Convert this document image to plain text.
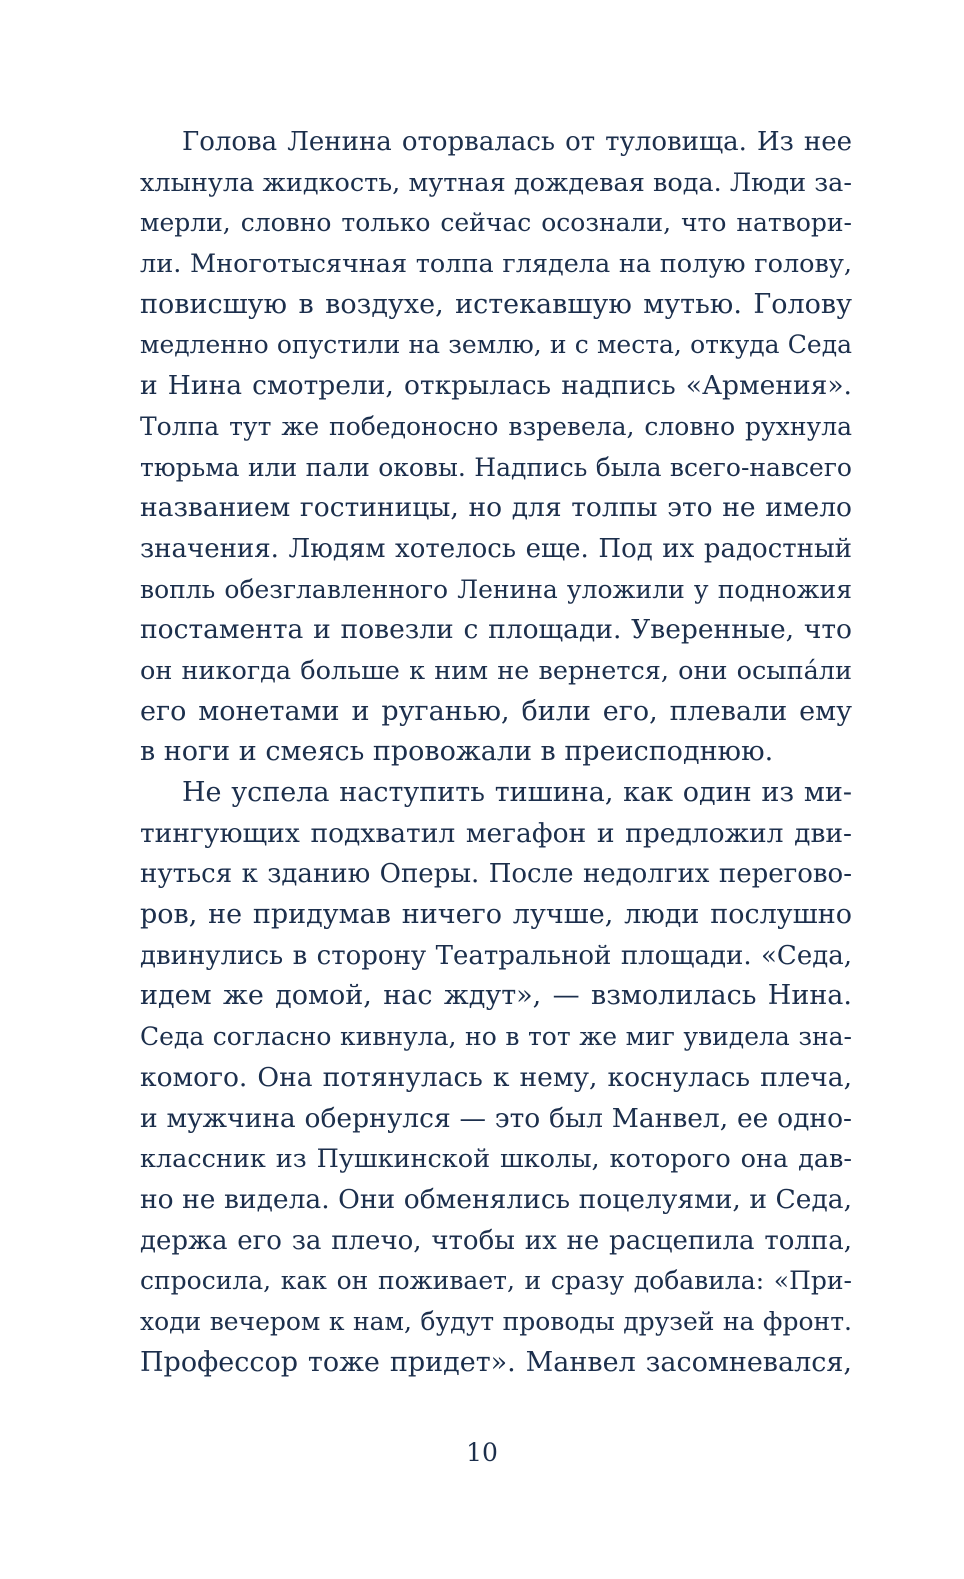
Голова Ленина оторвалась от туловища. Из нее
хлынула жидкость, мутная дождевая вода. Люди за-
мерли, словно только сейчас осознали, что натвори-
ли. Многотысячная толпа глядела на полую голову,
повисшую в воздухе, истекавшую мутью. Голову
медленно опустили на землю, и с места, откуда Седа
и Нина смотрели, открылась надпись «Армения».
Толпа тут же победоносно взревела, словно рухнула
тюрьма или пали оковы. Надпись была всего-навсего
названием гостиницы, но для толпы это не имело
значения. Людям хотелось еще. Под их радостный
вопль обезглавленного Ленина уложили у подножия
постамента и повезли с площади. Уверенные, что
он никогда больше к ним не вернется, они осыпа́ли
его монетами и руганью, били его, плевали ему
в ноги и смеясь провожали в преисподнюю.
Не успела наступить тишина, как один из ми-
тингующих подхватил мегафон и предложил дви-
нуться к зданию Оперы. После недолгих перегово-
ров, не придумав ничего лучше, люди послушно
двинулись в сторону Театральной площади. «Седа,
идем же домой, нас ждут», — взмолилась Нина.
Седа согласно кивнула, но в тот же миг увидела зна-
комого. Она потянулась к нему, коснулась плеча,
и мужчина обернулся — это был Манвел, ее одно-
классник из Пушкинской школы, которого она дав-
но не видела. Они обменялись поцелуями, и Седа,
держа его за плечо, чтобы их не расцепила толпа,
спросила, как он поживает, и сразу добавила: «При-
ходи вечером к нам, будут проводы друзей на фронт.
Профессор тоже придет». Манвел засомневался,
10
